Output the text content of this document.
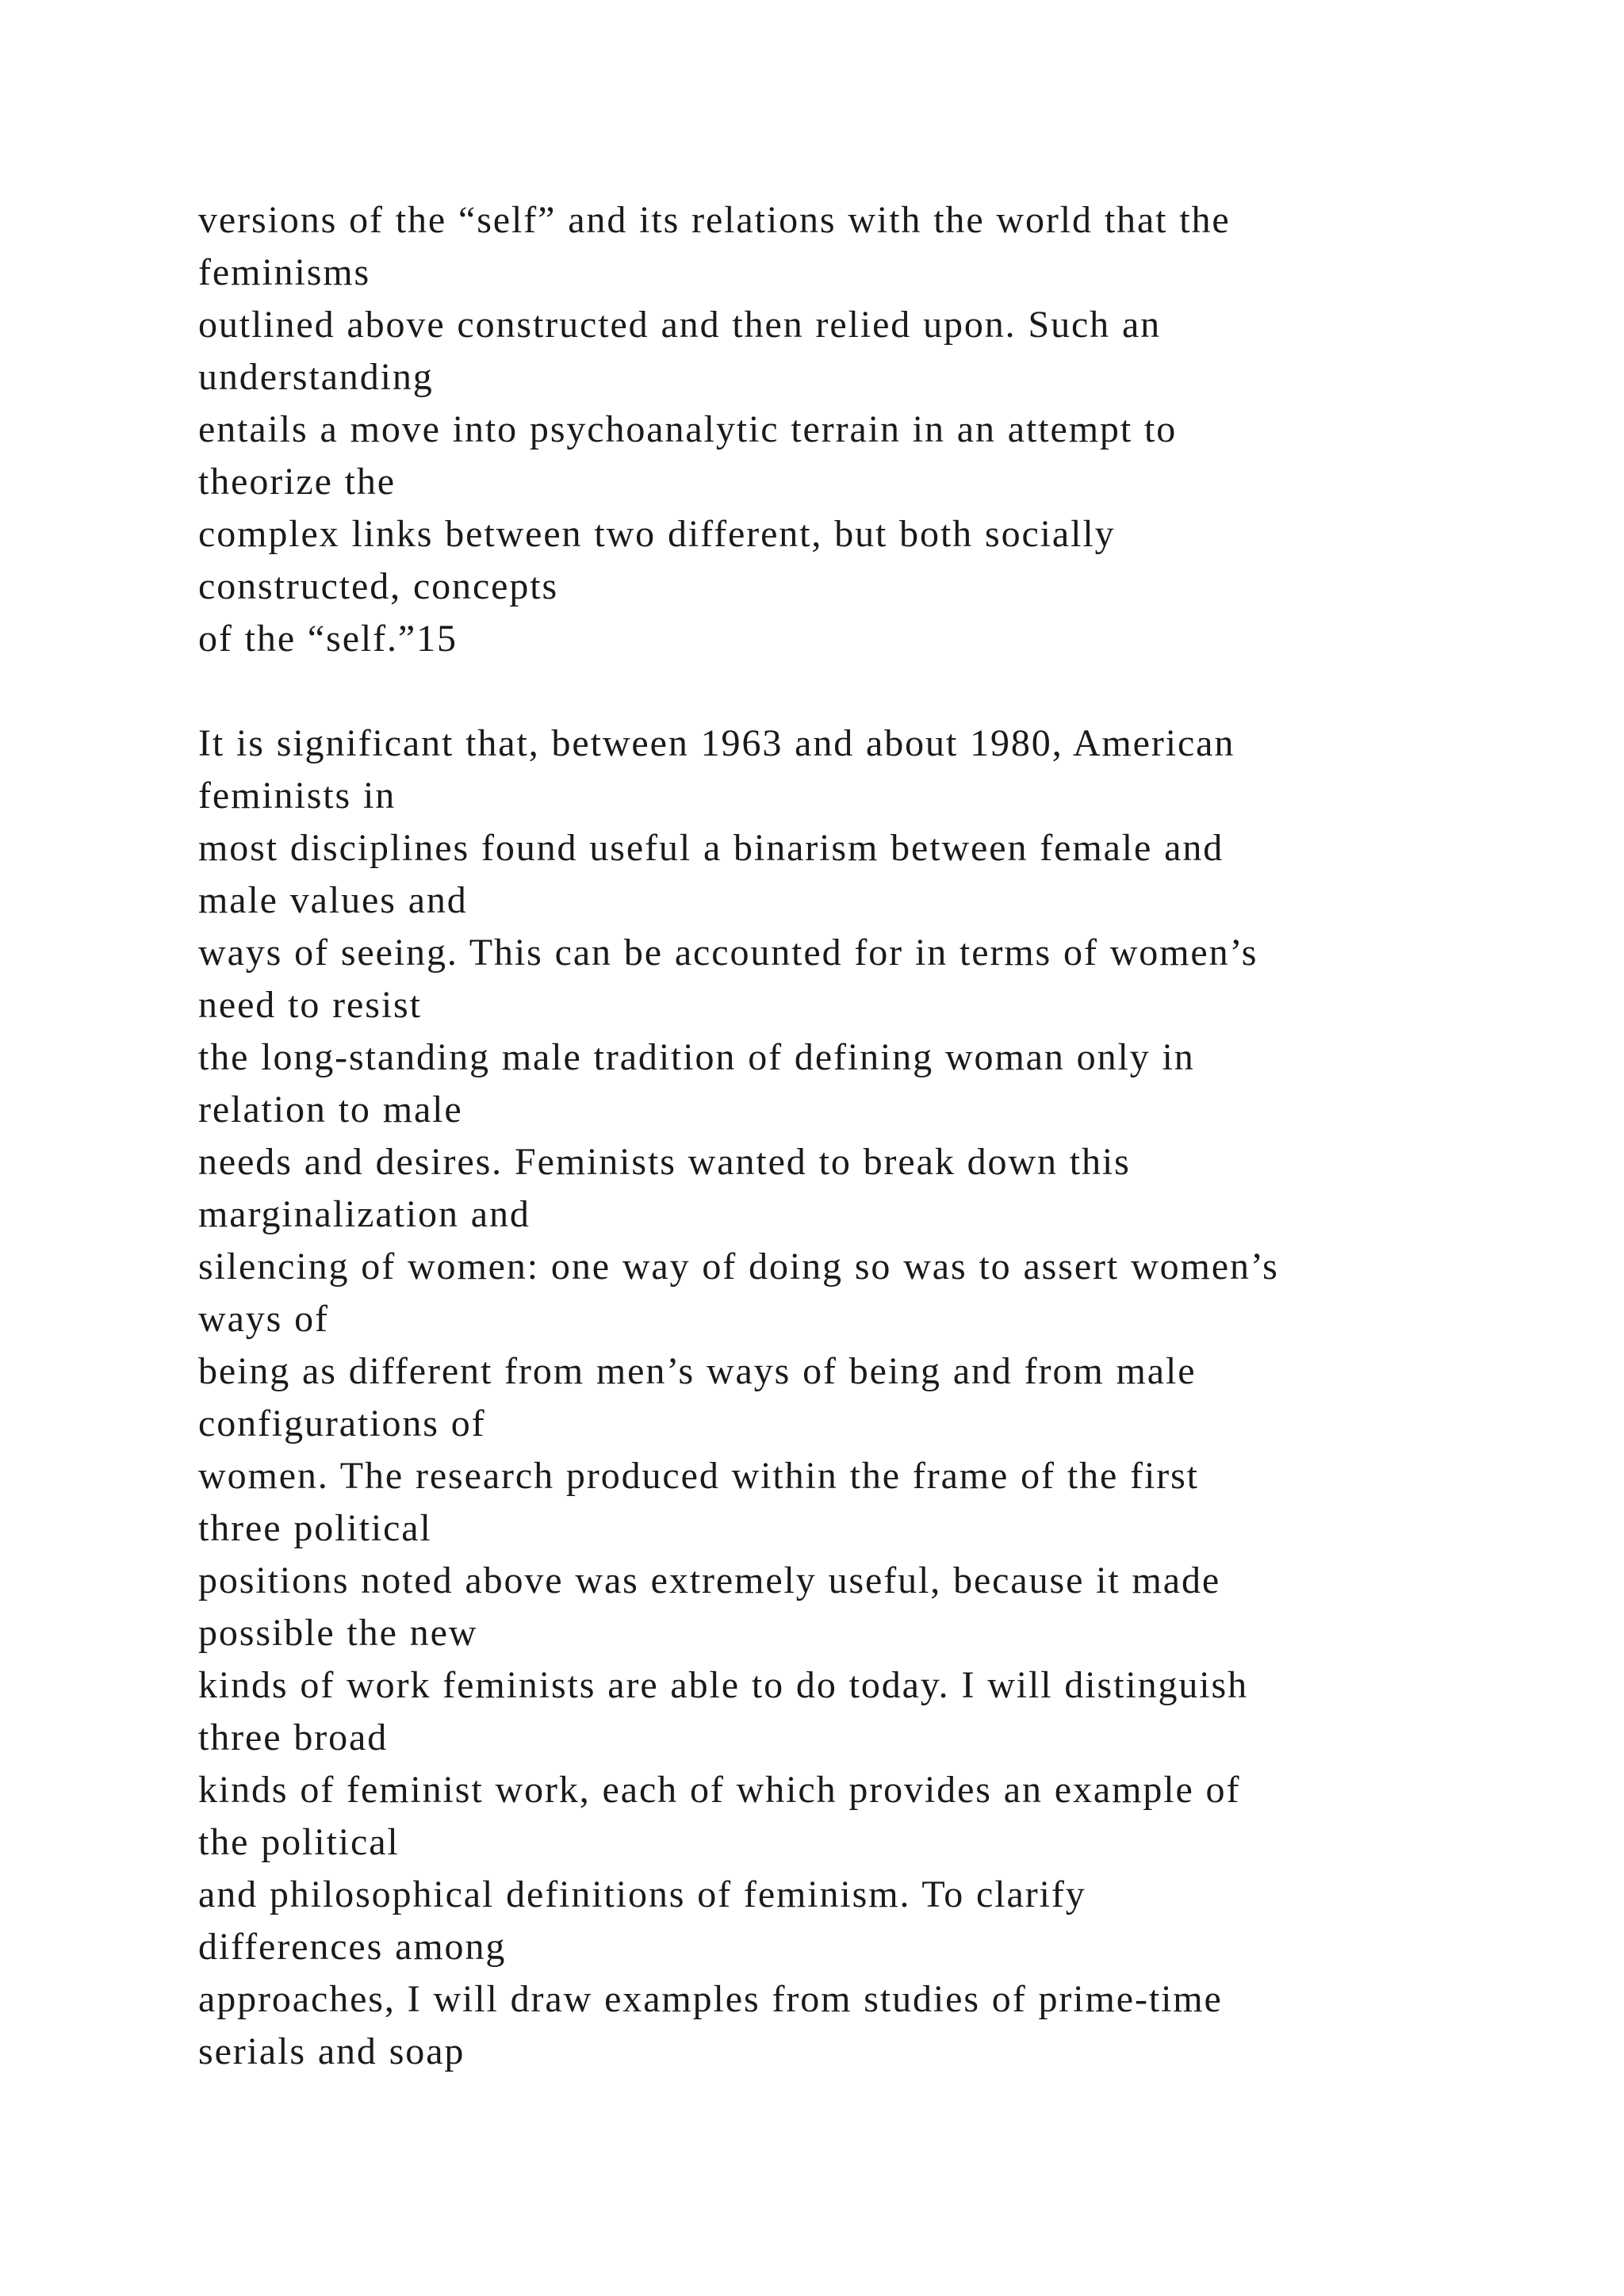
versions of the “self” and its relations with the world that the
feminisms
outlined above constructed and then relied upon. Such an
understanding
entails a move into psychoanalytic terrain in an attempt to
theorize the
complex links between two different, but both socially
constructed, concepts
of the “self.”15
It is significant that, between 1963 and about 1980, American
feminists in
most disciplines found useful a binarism between female and
male values and
ways of seeing. This can be accounted for in terms of women’s
need to resist
the long-standing male tradition of defining woman only in
relation to male
needs and desires. Feminists wanted to break down this
marginalization and
silencing of women: one way of doing so was to assert women’s
ways of
being as different from men’s ways of being and from male
configurations of
women. The research produced within the frame of the first
three political
positions noted above was extremely useful, because it made
possible the new
kinds of work feminists are able to do today. I will distinguish
three broad
kinds of feminist work, each of which provides an example of
the political
and philosophical definitions of feminism. To clarify
differences among
approaches, I will draw examples from studies of prime-time
serials and soap
